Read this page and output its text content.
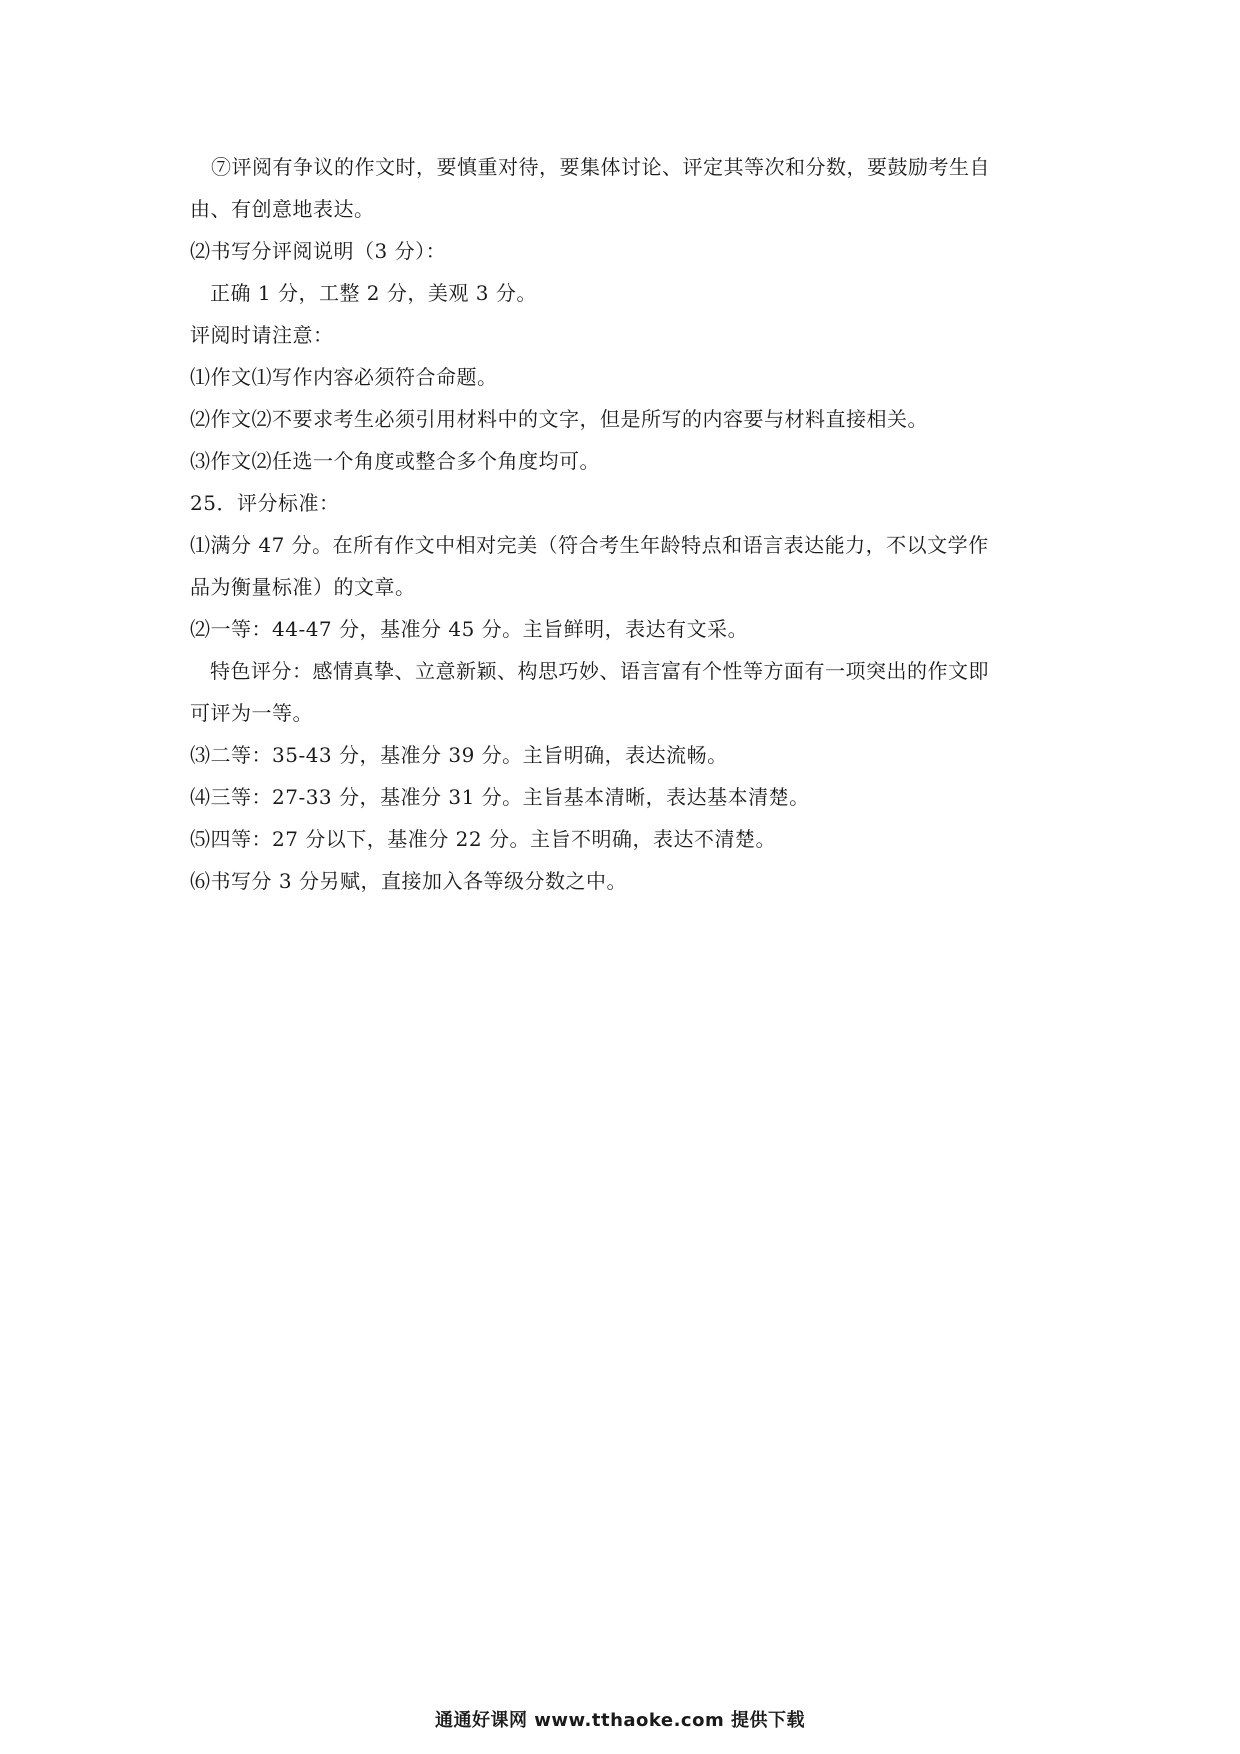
⑦评阅有争议的作文时，要慎重对待，要集体讨论、评定其等次和分数，要鼓励考生自
由、有创意地表达。
⑵书写分评阅说明（3 分）：
正确 1 分，工整 2 分，美观 3 分。
评阅时请注意：
⑴作文⑴写作内容必须符合命题。
⑵作文⑵不要求考生必须引用材料中的文字，但是所写的内容要与材料直接相关。
⑶作文⑵任选一个角度或整合多个角度均可。
25．评分标准：
⑴满分 47 分。在所有作文中相对完美（符合考生年龄特点和语言表达能力，不以文学作
品为衡量标准）的文章。
⑵一等：44-47 分，基准分 45 分。主旨鲜明，表达有文采。
特色评分：感情真挚、立意新颖、构思巧妙、语言富有个性等方面有一项突出的作文即
可评为一等。
⑶二等：35-43 分，基准分 39 分。主旨明确，表达流畅。
⑷三等：27-33 分，基准分 31 分。主旨基本清晰，表达基本清楚。
⑸四等：27 分以下，基准分 22 分。主旨不明确，表达不清楚。
⑹书写分 3 分另赋，直接加入各等级分数之中。
通通好课网 www.tthaoke.com 提供下载
